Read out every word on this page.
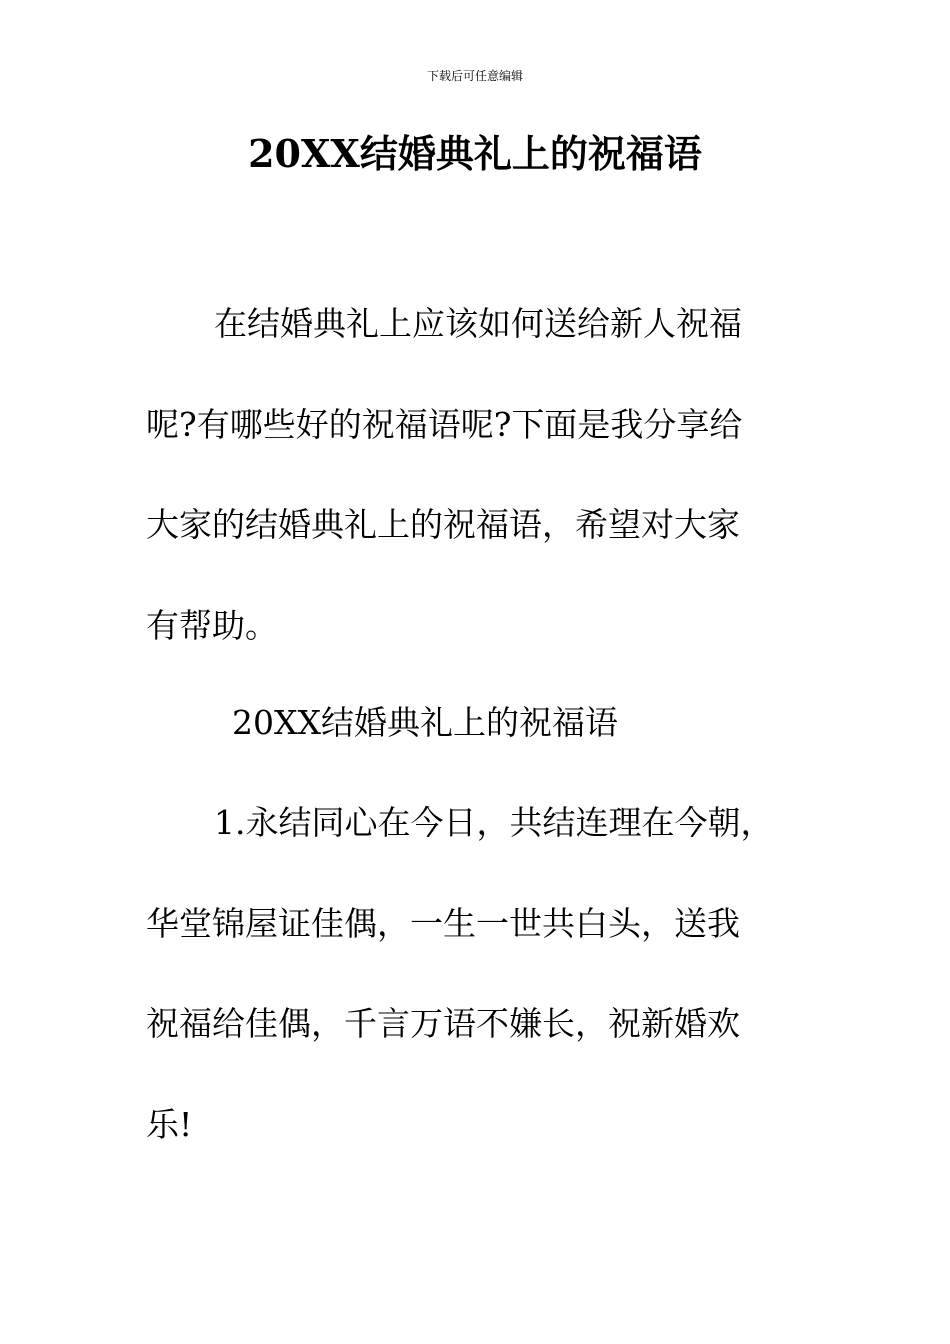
下载后可任意编辑
20XX结婚典礼上的祝福语

在结婚典礼上应该如何送给新人祝福

呢?有哪些好的祝福语呢?下面是我分享给

大家的结婚典礼上的祝福语，希望对大家

有帮助。

20XX结婚典礼上的祝福语

1.永结同心在今日，共结连理在今朝，

华堂锦屋证佳偶，一生一世共白头，送我

祝福给佳偶，千言万语不嫌长，祝新婚欢

乐!
